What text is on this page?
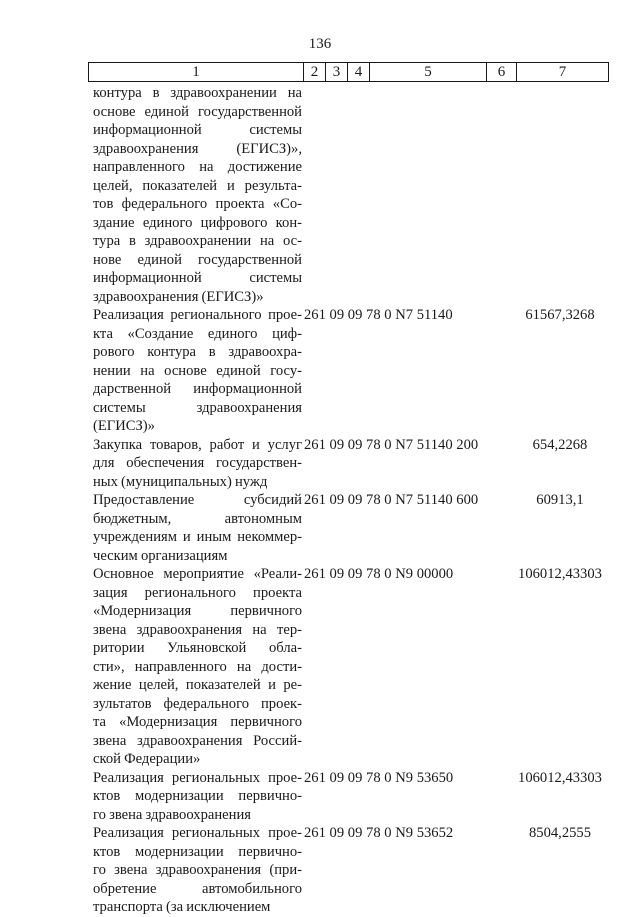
136
1	2	3	4	5	6	7
контура в здравоохранении на
основе единой государственной
информационной системы
здравоохранения (ЕГИСЗ)»,
направленного на достижение
целей, показателей и результа-
тов федерального проекта «Со-
здание единого цифрового кон-
тура в здравоохранении на ос-
нове единой государственной
информационной системы
здравоохранения (ЕГИСЗ)»
Реализация регионального прое-
кта «Создание единого циф-
рового контура в здравоохра-
нении на основе единой госу-
дарственной информационной
системы здравоохранения
(ЕГИСЗ)»
261 09 09 78 0 N7 51140	61567,3268
Закупка товаров, работ и услуг
для обеспечения государствен-
ных (муниципальных) нужд
261 09 09 78 0 N7 51140 200	654,2268
Предоставление субсидий
бюджетным, автономным
учреждениям и иным некоммер-
ческим организациям
261 09 09 78 0 N7 51140 600	60913,1
Основное мероприятие «Реали-
зация регионального проекта
«Модернизация первичного
звена здравоохранения на тер-
ритории Ульяновской обла-
сти», направленного на дости-
жение целей, показателей и ре-
зультатов федерального проек-
та «Модернизация первичного
звена здравоохранения Россий-
ской Федерации»
261 09 09 78 0 N9 00000	106012,43303
Реализация региональных прое-
ктов модернизации первично-
го звена здравоохранения
261 09 09 78 0 N9 53650	106012,43303
Реализация региональных прое-
ктов модернизации первично-
го звена здравоохранения (при-
обретение автомобильного
транспорта (за исключением
261 09 09 78 0 N9 53652	8504,2555
